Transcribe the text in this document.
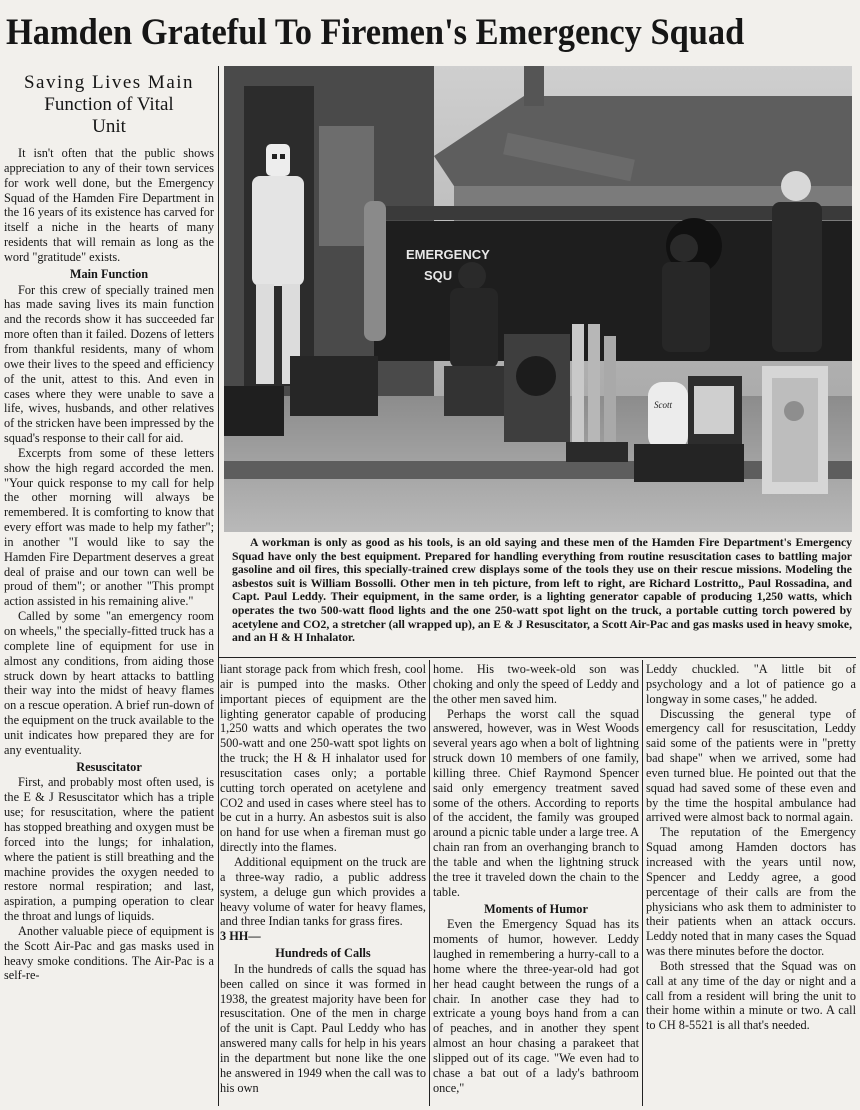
Hamden Grateful To Firemen's Emergency Squad
Saving Lives Main
Function of Vital
Unit

It isn't often that the public shows appreciation to any of their town services for work well done, but the Emergency Squad of the Hamden Fire Department in the 16 years of its existence has carved for itself a niche in the hearts of many residents that will remain as long as the word "gratitude" exists.

Main Function

For this crew of specially trained men has made saving lives its main function and the records show it has succeeded far more often than it failed. Dozens of letters from thankful residents, many of whom owe their lives to the speed and efficiency of the unit, attest to this. And even in cases where they were unable to save a life, wives, husbands, and other relatives of the stricken have been impressed by the squad's response to their call for aid.

Excerpts from some of these letters show the high regard accorded the men. "Your quick response to my call for help the other morning will always be remembered. It is comforting to know that every effort was made to help my father"; in another "I would like to say the Hamden Fire Department deserves a great deal of praise and our town can well be proud of them"; or another "This prompt action assisted in his remaining alive."

Called by some "an emergency room on wheels," the specially-fitted truck has a complete line of equipment for use in almost any conditions, from aiding those struck down by heart attacks to battling their way into the midst of heavy flames on a rescue operation. A brief run-down of the equipment on the truck available to the unit indicates how prepared they are for any eventuality.

Resuscitator

First, and probably most often used, is the E & J Resuscitator which has a triple use; for resuscitation, where the patient has stopped breathing and oxygen must be forced into the lungs; for inhalation, where the patient is still breathing and the machine provides the oxygen needed to restore normal respiration; and last, aspiration, a pumping operation to clear the throat and lungs of liquids.

Another valuable piece of equipment is the Scott Air-Pac and gas masks used in heavy smoke conditions. The Air-Pac is a self-re-

EMERGENCY
SQU
Scott

A workman is only as good as his tools, is an old saying and these men of the Hamden Fire Department's Emergency Squad have only the best equipment. Prepared for handling everything from routine resuscitation cases to battling major gasoline and oil fires, this specially-trained crew displays some of the tools they use on their rescue missions. Modeling the asbestos suit is William Bossolli. Other men in teh picture, from left to right, are Richard Lostritto,, Paul Rossadina, and Capt. Paul Leddy. Their equipment, in the same order, is a lighting generator capable of producing 1,250 watts, which operates the two 500-watt flood lights and the one 250-watt spot light on the truck, a portable cutting torch powered by acetylene and CO2, a stretcher (all wrapped up), an E & J Resuscitator, a Scott Air-Pac and gas masks used in heavy smoke, and an H & H Inhalator.

liant storage pack from which fresh, cool air is pumped into the masks. Other important pieces of equipment are the lighting generator capable of producing 1,250 watts and which operates the two 500-watt and one 250-watt spot lights on the truck; the H & H inhalator used for resuscitation cases only; a portable cutting torch operated on acetylene and CO2 and used in cases where steel has to be cut in a hurry. An asbestos suit is also on hand for use when a fireman must go directly into the flames.

Additional equipment on the truck are a three-way radio, a public address system, a deluge gun which provides a heavy volume of water for heavy flames, and three Indian tanks for grass fires.

3 HH—

Hundreds of Calls

In the hundreds of calls the squad has been called on since it was formed in 1938, the greatest majority have been for resuscitation. One of the men in charge of the unit is Capt. Paul Leddy who has answered many calls for help in his years in the department but none like the one he answered in 1949 when the call was to his own

home. His two-week-old son was choking and only the speed of Leddy and the other men saved him.

Perhaps the worst call the squad answered, however, was in West Woods several years ago when a bolt of lightning struck down 10 members of one family, killing three. Chief Raymond Spencer said only emergency treatment saved some of the others. According to reports of the accident, the family was grouped around a picnic table under a large tree. A chain ran from an overhanging branch to the table and when the lightning struck the tree it traveled down the chain to the table.

Moments of Humor

Even the Emergency Squad has its moments of humor, however. Leddy laughed in remembering a hurry-call to a home where the three-year-old had got her head caught between the rungs of a chair. In another case they had to extricate a young boys hand from a can of peaches, and in another they spent almost an hour chasing a parakeet that slipped out of its cage. "We even had to chase a bat out of a lady's bathroom once,"

Leddy chuckled. "A little bit of psychology and a lot of patience go a longway in some cases," he added.

Discussing the general type of emergency call for resuscitation, Leddy said some of the patients were in "pretty bad shape" when we arrived, some had even turned blue. He pointed out that the squad had saved some of these even and by the time the hospital ambulance had arrived were almost back to normal again.

The reputation of the Emergency Squad among Hamden doctors has increased with the years until now, Spencer and Leddy agree, a good percentage of their calls are from the physicians who ask them to administer to their patients when an attack occurs. Leddy noted that in many cases the Squad was there minutes before the doctor.

Both stressed that the Squad was on call at any time of the day or night and a call from a resident will bring the unit to their home within a minute or two. A call to CH 8-5521 is all that's needed.
